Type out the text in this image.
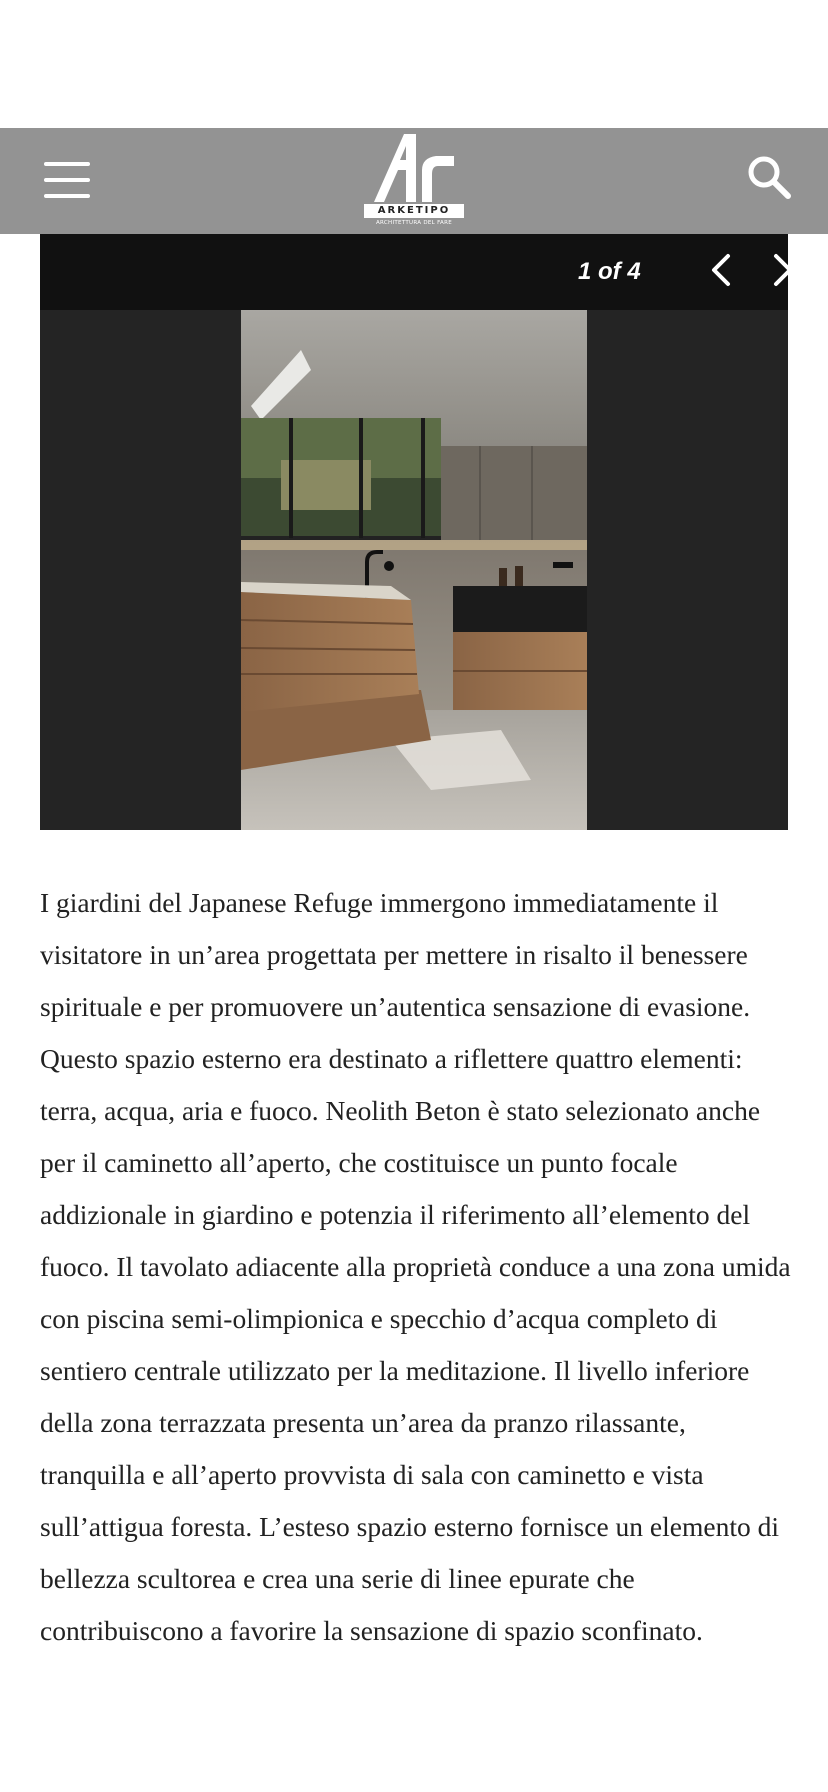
ARKETIPO
ARCHITETTURA DEL FARE
1 of 4

I giardini del Japanese Refuge immergono immediatamente il visitatore in un’area progettata per mettere in risalto il benessere spirituale e per promuovere un’autentica sensazione di evasione. Questo spazio esterno era destinato a riflettere quattro elementi: terra, acqua, aria e fuoco. Neolith Beton è stato selezionato anche per il caminetto all’aperto, che costituisce un punto focale addizionale in giardino e potenzia il riferimento all’elemento del fuoco. Il tavolato adiacente alla proprietà conduce a una zona umida con piscina semi-olimpionica e specchio d’acqua completo di sentiero centrale utilizzato per la meditazione. Il livello inferiore della zona terrazzata presenta un’area da pranzo rilassante, tranquilla e all’aperto provvista di sala con caminetto e vista sull’attigua foresta. L’esteso spazio esterno fornisce un elemento di bellezza scultorea e crea una serie di linee epurate che contribuiscono a favorire la sensazione di spazio sconfinato.
